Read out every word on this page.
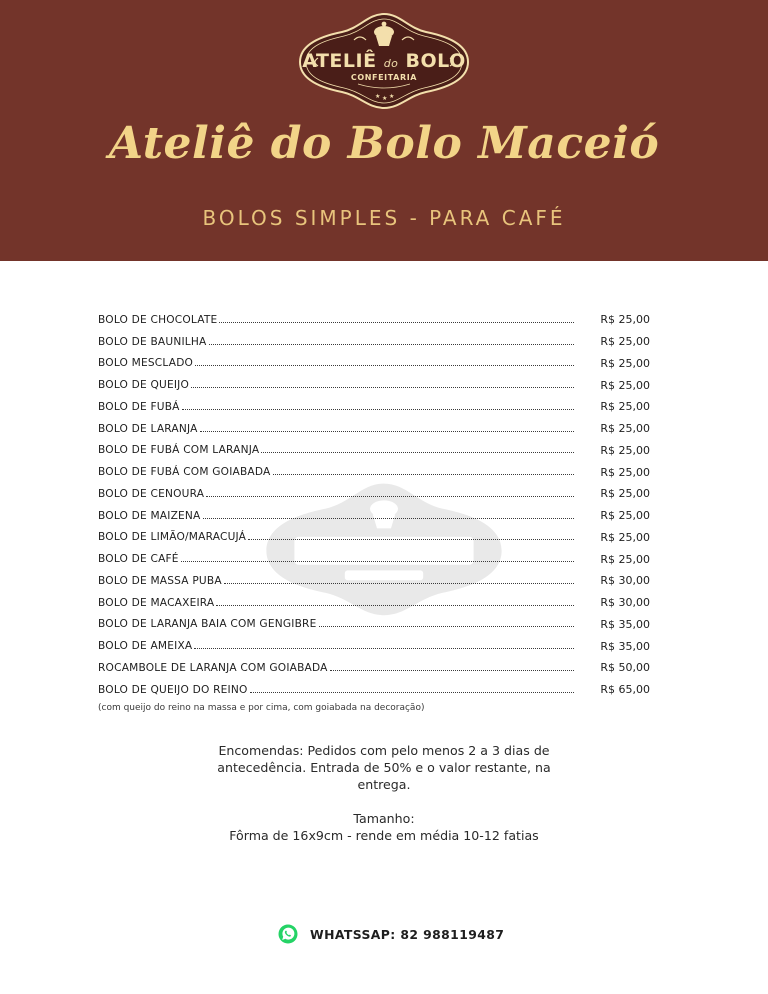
★ ★ ★
ATELIÊ do BOLO
CONFEITARIA
Ateliê do Bolo Maceió
BOLOS SIMPLES - PARA CAFÉ
BOLO DE CHOCOLATE	R$ 25,00
BOLO DE BAUNILHA	R$ 25,00
BOLO MESCLADO	R$ 25,00
BOLO DE QUEIJO	R$ 25,00
BOLO DE FUBÁ	R$ 25,00
BOLO DE LARANJA	R$ 25,00
BOLO DE FUBÁ COM LARANJA	R$ 25,00
BOLO DE FUBÁ COM GOIABADA	R$ 25,00
BOLO DE CENOURA	R$ 25,00
BOLO DE MAIZENA	R$ 25,00
BOLO DE LIMÃO/MARACUJÁ	R$ 25,00
BOLO DE CAFÉ	R$ 25,00
BOLO DE MASSA PUBA	R$ 30,00
BOLO DE MACAXEIRA	R$ 30,00
BOLO DE LARANJA BAIA COM GENGIBRE	R$ 35,00
BOLO DE AMEIXA	R$ 35,00
ROCAMBOLE DE LARANJA COM GOIABADA	R$ 50,00
BOLO DE QUEIJO DO REINO	R$ 65,00
(com queijo do reino na massa e por cima, com goiabada na decoração)

Encomendas: Pedidos com pelo menos 2 a 3 dias de antecedência. Entrada de 50% e o valor restante, na entrega.

Tamanho:
Fôrma de 16x9cm - rende em média 10-12 fatias
WHATSSAP: 82 988119487
